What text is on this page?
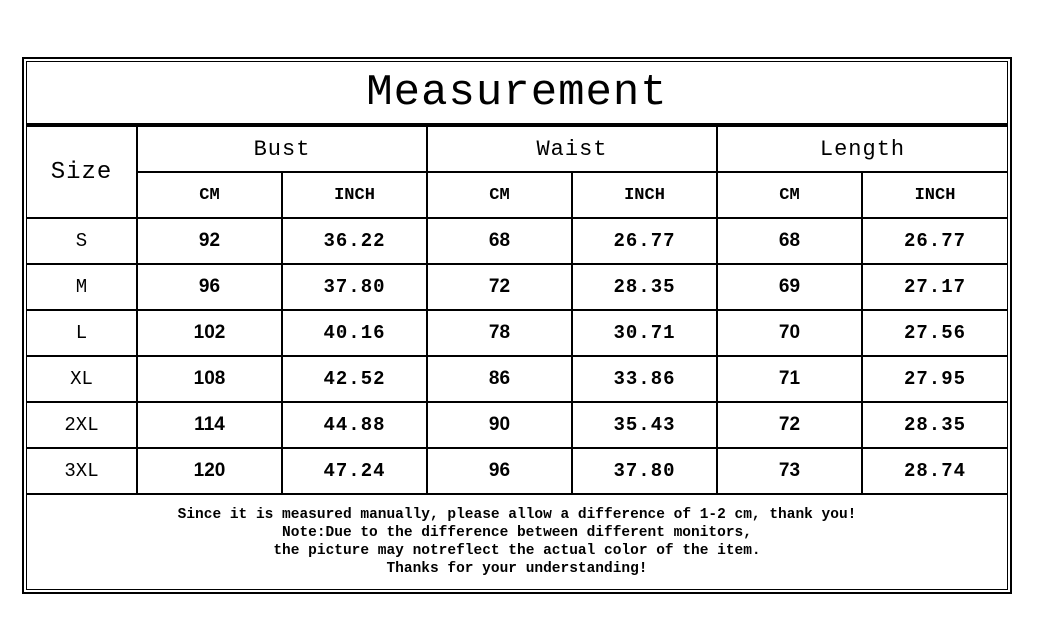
Measurement
Size	Bust		Waist		Length	
	CM	INCH	CM	INCH	CM	INCH
S	92	36.22	68	26.77	68	26.77
M	96	37.80	72	28.35	69	27.17
L	102	40.16	78	30.71	70	27.56
XL	108	42.52	86	33.86	71	27.95
2XL	114	44.88	90	35.43	72	28.35
3XL	120	47.24	96	37.80	73	28.74
Since it is measured manually, please allow a difference of 1-2 cm, thank you!
Note:Due to the difference between different monitors,
the picture may notreflect the actual color of the item.
Thanks for your understanding!
